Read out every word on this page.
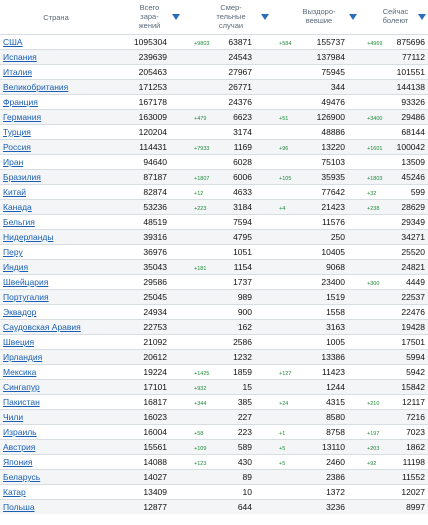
Страна
Всего
зара-
жений
Смер-
тельные
случаи
Выздоро-
вевшие
Сейчас
болеют
США	1095304	+9803	63871	+584	155737	+4969	875696
Испания	239639	24543	137984	77112
Италия	205463	27967	75945	101551
Великобритания	171253	26771	344	144138
Франция	167178	24376	49476	93326
Германия	163009	+479	6623	+51	126900	+3400	29486
Турция	120204	3174	48886	68144
Россия	114431	+7933	1169	+96	13220	+1601	100042
Иран	94640	6028	75103	13509
Бразилия	87187	+1807	6006	+105	35935	+1803	45246
Китай	82874	+12	4633	77642	+32	599
Канада	53236	+223	3184	+4	21423	+238	28629
Бельгия	48519	7594	11576	29349
Нидерланды	39316	4795	250	34271
Перу	36976	1051	10405	25520
Индия	35043	+181	1154	9068	24821
Швейцария	29586	1737	23400	+300	4449
Португалия	25045	989	1519	22537
Эквадор	24934	900	1558	22476
Саудовская Аравия	22753	162	3163	19428
Швеция	21092	2586	1005	17501
Ирландия	20612	1232	13386	5994
Мексика	19224	+1425	1859	+127	11423	5942
Сингапур	17101	+932	15	1244	15842
Пакистан	16817	+344	385	+24	4315	+210	12117
Чили	16023	227	8580	7216
Израиль	16004	+58	223	+1	8758	+197	7023
Австрия	15561	+109	589	+5	13110	+203	1862
Япония	14088	+123	430	+5	2460	+92	11198
Беларусь	14027	89	2386	11552
Катар	13409	10	1372	12027
Польша	12877	644	3236	8997
